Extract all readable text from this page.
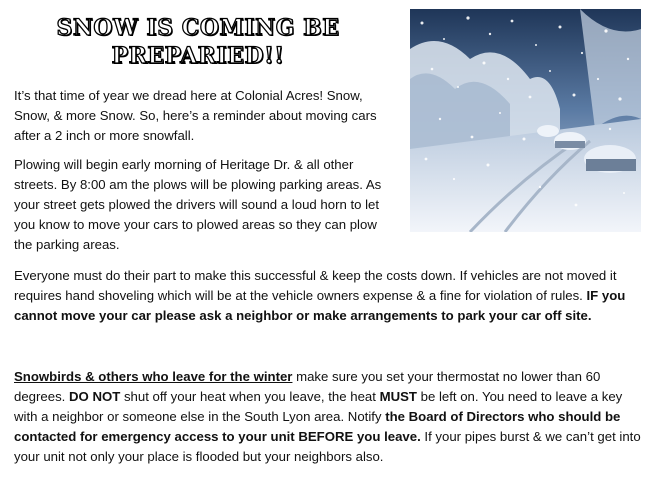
SNOW IS COMING BE
PREPARIED!!

It’s that time of year we dread here at Colonial Acres! Snow, Snow, & more Snow. So, here’s a reminder about moving cars after a 2 inch or more snowfall.

Plowing will begin early morning of Heritage Dr. & all other streets. By 8:00 am the plows will be plowing parking areas. As your street gets plowed the drivers will sound a loud horn to let you know to move your cars to plowed areas so they can plow the parking areas.

Everyone must do their part to make this successful & keep the costs down. If vehicles are not moved it requires hand shoveling which will be at the vehicle owners expense & a fine for violation of rules. IF you cannot move your car please ask a neighbor or make arrangements to park your car off site.

Snowbirds & others who leave for the winter make sure you set your thermostat no lower than 60 degrees. DO NOT shut off your heat when you leave, the heat MUST be left on. You need to leave a key with a neighbor or someone else in the South Lyon area. Notify the Board of Directors who should be contacted for emergency access to your unit BEFORE you leave. If your pipes burst & we can’t get into your unit not only your place is flooded but your neighbors also.
